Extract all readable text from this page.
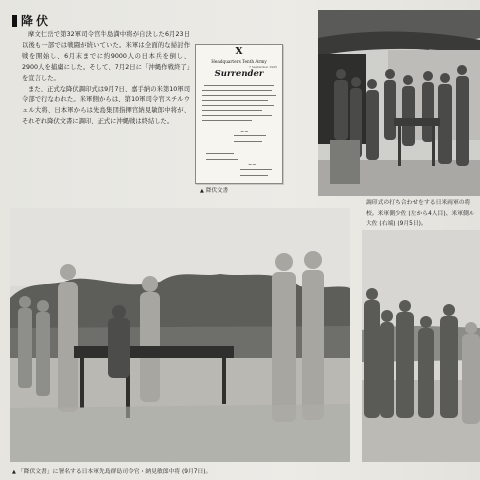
降伏

摩文仁岳で第32軍司令官牛島満中将が自決した6月23日以後も一部では戦闘が続いていた。米軍は全面的な掃討作戦を開始し、6月末までに約9000人の日本兵を倒し、2900人を捕虜にした。そして、7月2日に「沖縄作戦終了」を宣言した。

また、正式な降伏調印式は9月7日、嘉手納の米第10軍司令部で行なわれた。米軍側からは、第10軍司令官スチルウェル大将、日本軍からは先島集団指揮官納見敏郎中将が、それぞれ降伏文書に調印、正式に沖縄戦は終結した。

X
Headquarters Tenth Army
7 September 1945
Surrender
~~
~~
▲ 降伏文書
調印式の打ち合わせをする日米両軍の将校。米軍側少佐 (左から4人目)、米軍側ル大佐 (右端) (9月5日)。
▲ 「降伏文書」に署名する日本軍先島群島司令官・納見敏郎中将 (9月7日)。
